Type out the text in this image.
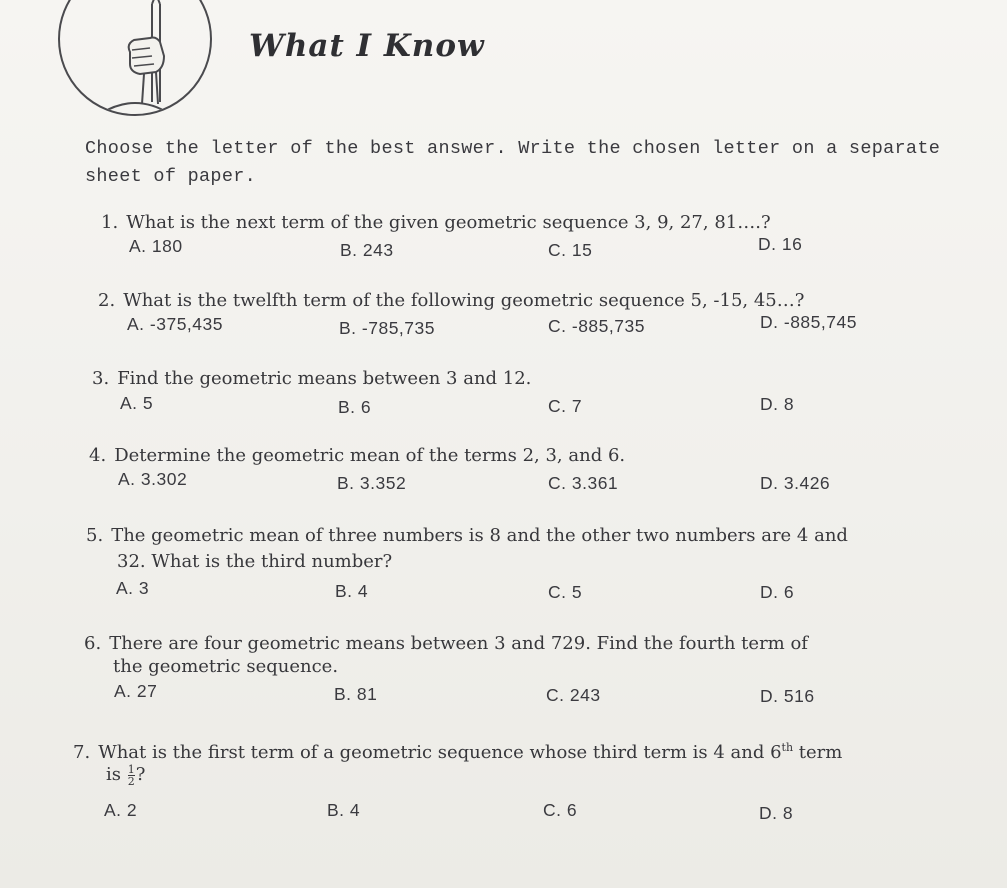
What I Know
Choose the letter of the best answer. Write the chosen letter on a separate sheet of paper.
1. What is the next term of the given geometric sequence 3, 9, 27, 81….?
A. 180	B. 243	C. 15	D. 16
2. What is the twelfth term of the following geometric sequence 5, -15, 45…?
A. -375,435	B. -785,735	C. -885,735	D. -885,745
3. Find the geometric means between 3 and 12.
A. 5	B. 6	C. 7	D. 8
4. Determine the geometric mean of the terms 2, 3, and 6.
A. 3.302	B. 3.352	C. 3.361	D. 3.426
5. The geometric mean of three numbers is 8 and the other two numbers are 4 and
32. What is the third number?
A. 3	B. 4	C. 5	D. 6
6. There are four geometric means between 3 and 729. Find the fourth term of
the geometric sequence.
A. 27	B. 81	C. 243	D. 516
7. What is the first term of a geometric sequence whose third term is 4 and 6th term
is $\frac{1}{2}$ ?
A. 2	B. 4	C. 6	D. 8
